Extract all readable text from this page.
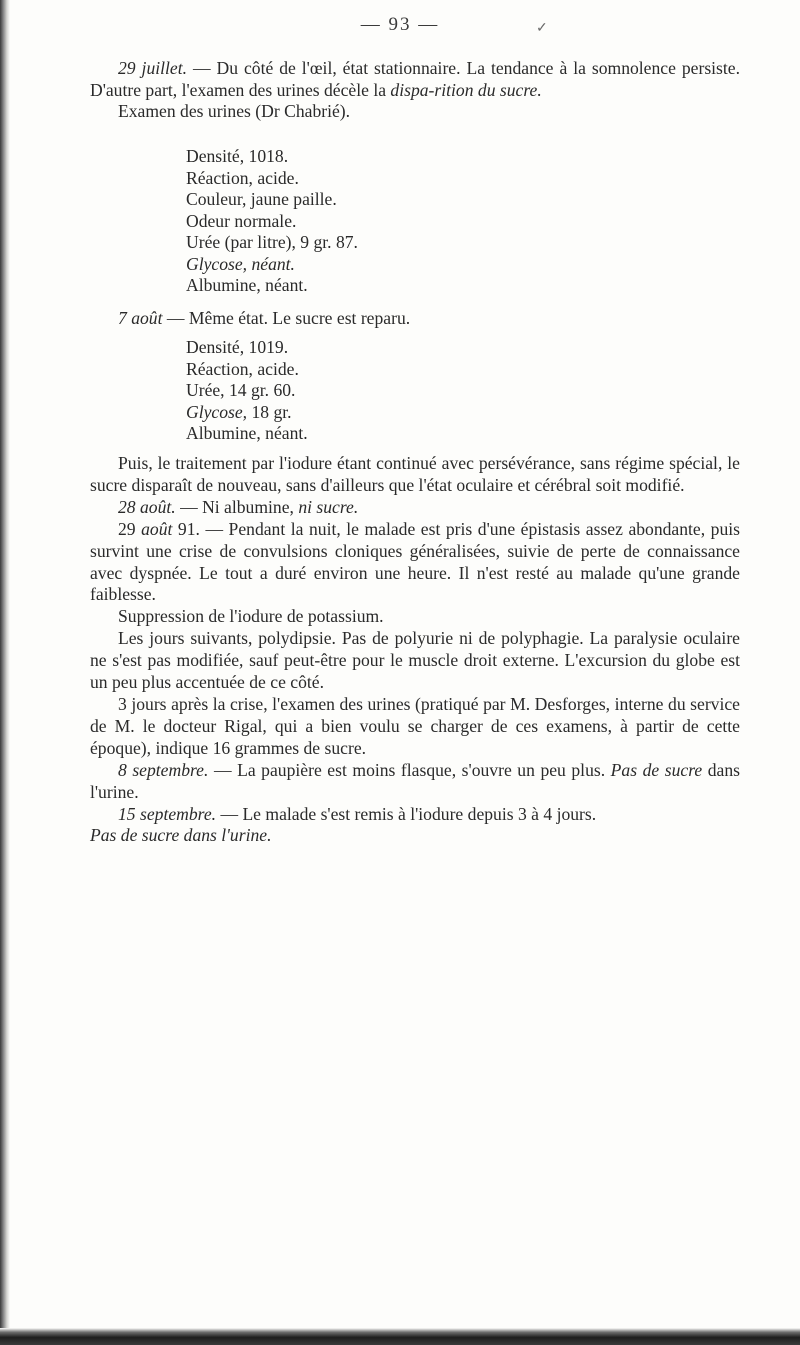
— 93 —	✓

29 juillet. — Du côté de l'œil, état stationnaire. La tendance à la somnolence persiste. D'autre part, l'examen des urines décèle la dispa-rition du sucre.

Examen des urines (Dr Chabrié).

Densité, 1018.

Réaction, acide.

Couleur, jaune paille.

Odeur normale.

Urée (par litre), 9 gr. 87.

Glycose, néant.

Albumine, néant.

7 août — Même état. Le sucre est reparu.

Densité, 1019.

Réaction, acide.

Urée, 14 gr. 60.

Glycose, 18 gr.

Albumine, néant.

Puis, le traitement par l'iodure étant continué avec persévérance, sans régime spécial, le sucre disparaît de nouveau, sans d'ailleurs que l'état oculaire et cérébral soit modifié.

28 août. — Ni albumine, ni sucre.

29 août 91. — Pendant la nuit, le malade est pris d'une épistasis assez abondante, puis survint une crise de convulsions cloniques généralisées, suivie de perte de connaissance avec dyspnée. Le tout a duré environ une heure. Il n'est resté au malade qu'une grande faiblesse.

Suppression de l'iodure de potassium.

Les jours suivants, polydipsie. Pas de polyurie ni de polyphagie. La paralysie oculaire ne s'est pas modifiée, sauf peut-être pour le muscle droit externe. L'excursion du globe est un peu plus accentuée de ce côté.

3 jours après la crise, l'examen des urines (pratiqué par M. Desforges, interne du service de M. le docteur Rigal, qui a bien voulu se charger de ces examens, à partir de cette époque), indique 16 grammes de sucre.

8 septembre. — La paupière est moins flasque, s'ouvre un peu plus. Pas de sucre dans l'urine.

15 septembre. — Le malade s'est remis à l'iodure depuis 3 à 4 jours.

Pas de sucre dans l'urine.
